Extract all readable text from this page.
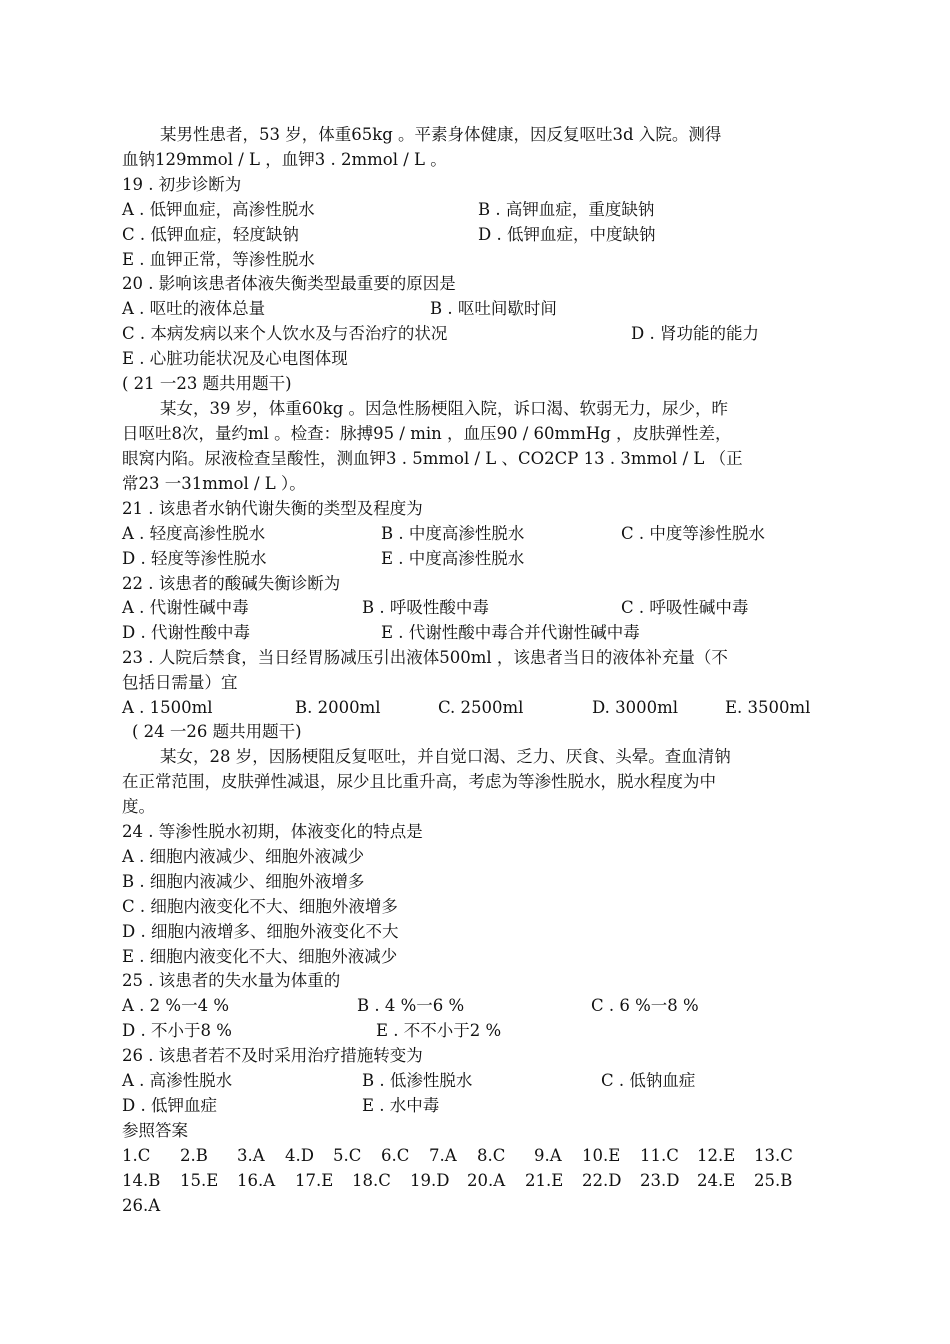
某男性患者，53 岁，体重65kg 。平素身体健康，因反复呕吐3d 入院。测得
血钠129mmol / L ，血钾3 . 2mmol / L 。
19 . 初步诊断为
A . 低钾血症，高渗性脱水	B . 高钾血症，重度缺钠
C . 低钾血症，轻度缺钠	D . 低钾血症，中度缺钠
E . 血钾正常，等渗性脱水
20 . 影响该患者体液失衡类型最重要的原因是
A . 呕吐的液体总量	B . 呕吐间歇时间
C . 本病发病以来个人饮水及与否治疗的状况	D . 肾功能的能力
E . 心脏功能状况及心电图体现
( 21 一23 题共用题干)
某女，39 岁，体重60kg 。因急性肠梗阻入院，诉口渴、软弱无力，尿少，昨
日呕吐8次，量约ml 。检查：脉搏95 / min ，血压90 / 60mmHg ，皮肤弹性差，
眼窝内陷。尿液检查呈酸性，测血钾3 . 5mmol / L 、CO2CP 13 . 3mmol / L （正
常23 一31mmol / L ）。
21 . 该患者水钠代谢失衡的类型及程度为
A . 轻度高渗性脱水	B . 中度高渗性脱水	C . 中度等渗性脱水
D . 轻度等渗性脱水	E . 中度高渗性脱水
22 . 该患者的酸碱失衡诊断为
A . 代谢性碱中毒	B . 呼吸性酸中毒	C . 呼吸性碱中毒
D . 代谢性酸中毒	E . 代谢性酸中毒合并代谢性碱中毒
23 . 人院后禁食，当日经胃肠减压引出液体500ml ，该患者当日的液体补充量（不
包括日需量）宜
A . 1500ml	B. 2000ml	C. 2500ml	D. 3000ml	E. 3500ml
( 24 一26 题共用题干)
某女，28 岁，因肠梗阻反复呕吐，并自觉口渴、乏力、厌食、头晕。查血清钠
在正常范围，皮肤弹性减退，尿少且比重升高，考虑为等渗性脱水，脱水程度为中
度。
24 . 等渗性脱水初期，体液变化的特点是
A . 细胞内液减少、细胞外液减少
B . 细胞内液减少、细胞外液增多
C . 细胞内液变化不大、细胞外液增多
D . 细胞内液增多、细胞外液变化不大
E . 细胞内液变化不大、细胞外液减少
25 . 该患者的失水量为体重的
A . 2 %一4 %	B . 4 %一6 %	C . 6 %一8 %
D . 不小于8 %	E . 不不小于2 %
26 . 该患者若不及时采用治疗措施转变为
A . 高渗性脱水	B . 低渗性脱水	C . 低钠血症
D . 低钾血症	E . 水中毒
参照答案
1.C 2.B 3.A 4.D 5.C 6.C 7.A 8.C 9.A 10.E 11.C 12.E 13.C
14.B 15.E 16.A 17.E 18.C 19.D 20.A 21.E 22.D 23.D 24.E 25.B
26.A
